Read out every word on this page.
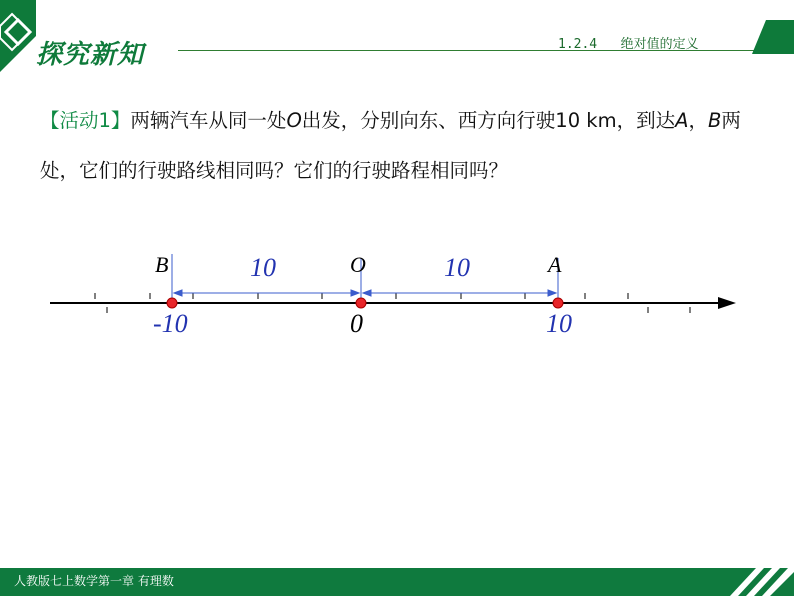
探究新知	1.2.4   绝对值的定义
【活动1】两辆汽车从同一处O出发，分别向东、西方向行驶10 km，到达A，B两处，它们的行驶路线相同吗？它们的行驶路程相同吗？
B	O	A
10	10
-10	0	10
人教版七上数学第一章 有理数
